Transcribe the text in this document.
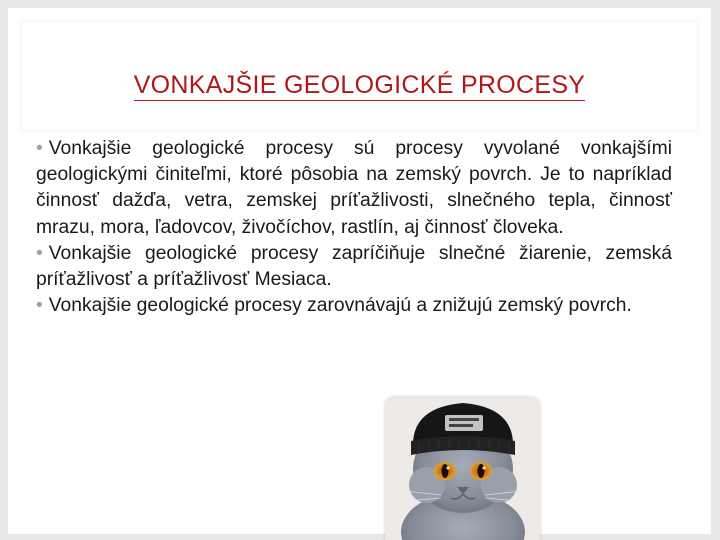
VONKAJŠIE GEOLOGICKÉ PROCESY

• Vonkajšie geologické procesy sú procesy vyvolané vonkajšími geologickými činiteľmi, ktoré pôsobia na zemský povrch. Je to napríklad činnosť dažďa, vetra, zemskej príťažlivosti, slnečného tepla, činnosť mrazu, mora, ľadovcov, živočíchov, rastlín, aj činnosť človeka.

• Vonkajšie geologické procesy zapríčiňuje slnečné žiarenie, zemská príťažlivosť a príťažlivosť Mesiaca.

• Vonkajšie geologické procesy zarovnávajú a znižujú zemský povrch.
